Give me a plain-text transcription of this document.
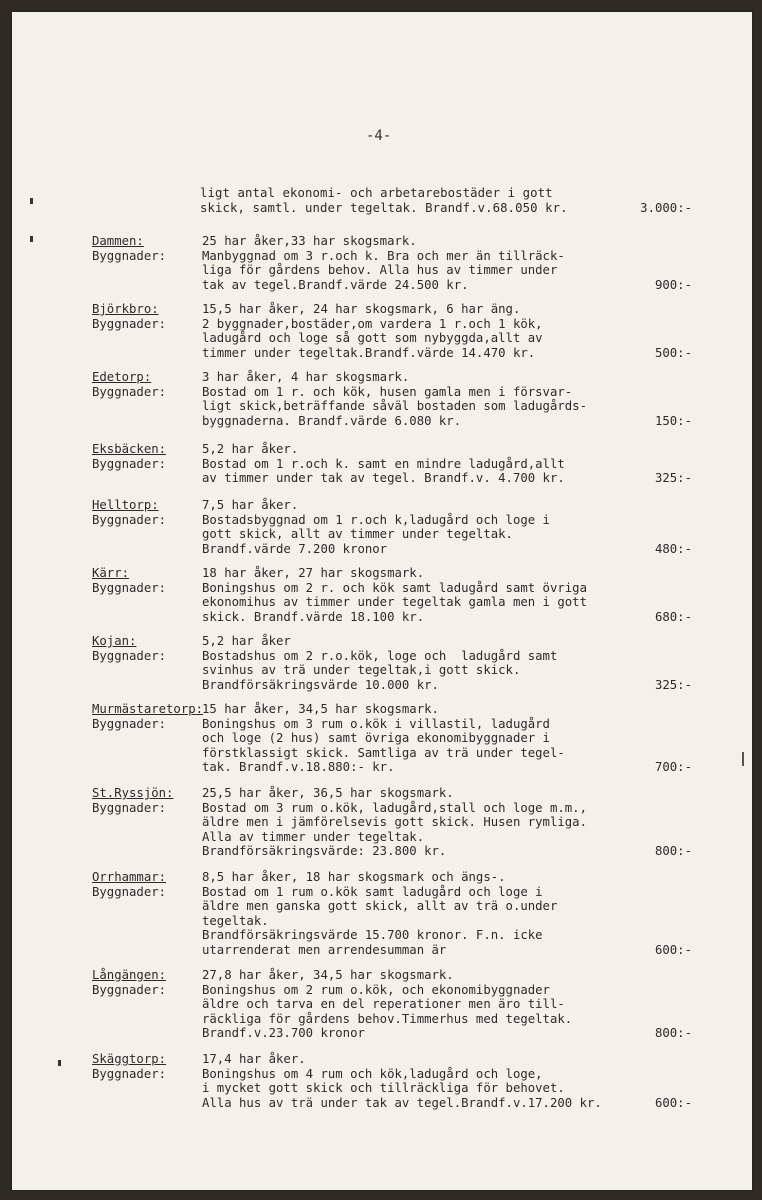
-4-
ligt antal ekonomi- och arbetarebostäder i gott
skick, samtl. under tegeltak. Brandf.v.68.050 kr.	3.000:-
Dammen:	25 har åker,33 har skogsmark.
Byggnader:	Manbyggnad om 3 r.och k. Bra och mer än tillräck-
liga för gårdens behov. Alla hus av timmer under
tak av tegel.Brandf.värde 24.500 kr.	900:-
Björkbro:	15,5 har åker, 24 har skogsmark, 6 har äng.
Byggnader:	2 byggnader,bostäder,om vardera 1 r.och 1 kök,
ladugård och loge så gott som nybyggda,allt av
timmer under tegeltak.Brandf.värde 14.470 kr.	500:-
Edetorp:	3 har åker, 4 har skogsmark.
Byggnader:	Bostad om 1 r. och kök, husen gamla men i försvar-
ligt skick,beträffande såväl bostaden som ladugårds-
byggnaderna. Brandf.värde 6.080 kr.	150:-
Eksbäcken:	5,2 har åker.
Byggnader:	Bostad om 1 r.och k. samt en mindre ladugård,allt
av timmer under tak av tegel. Brandf.v. 4.700 kr.	325:-
Helltorp:	7,5 har åker.
Byggnader:	Bostadsbyggnad om 1 r.och k,ladugård och loge i
gott skick, allt av timmer under tegeltak.
Brandf.värde 7.200 kronor	480:-
Kärr:	18 har åker, 27 har skogsmark.
Byggnader:	Boningshus om 2 r. och kök samt ladugård samt övriga
ekonomihus av timmer under tegeltak gamla men i gott
skick. Brandf.värde 18.100 kr.	680:-
Kojan:	5,2 har åker
Byggnader:	Bostadshus om 2 r.o.kök, loge och  ladugård samt
svinhus av trä under tegeltak,i gott skick.
Brandförsäkringsvärde 10.000 kr.	325:-
Murmästaretorp:
15 har åker, 34,5 har skogsmark.
Byggnader:	Boningshus om 3 rum o.kök i villastil, ladugård
och loge (2 hus) samt övriga ekonomibyggnader i
förstklassigt skick. Samtliga av trä under tegel-
tak. Brandf.v.18.880:- kr.	700:-
St.Ryssjön:	25,5 har åker, 36,5 har skogsmark.
Byggnader:	Bostad om 3 rum o.kök, ladugård,stall och loge m.m.,
äldre men i jämförelsevis gott skick. Husen rymliga.
Alla av timmer under tegeltak.
Brandförsäkringsvärde: 23.800 kr.	800:-
Orrhammar:	8,5 har åker, 18 har skogsmark och ängs-.
Byggnader:	Bostad om 1 rum o.kök samt ladugård och loge i
äldre men ganska gott skick, allt av trä o.under
tegeltak.
Brandförsäkringsvärde 15.700 kronor. F.n. icke
utarrenderat men arrendesumman är	600:-
Långängen:	27,8 har åker, 34,5 har skogsmark.
Byggnader:	Boningshus om 2 rum o.kök, och ekonomibyggnader
äldre och tarva en del reperationer men äro till-
räckliga för gårdens behov.Timmerhus med tegeltak.
Brandf.v.23.700 kronor	800:-
Skäggtorp:	17,4 har åker.
Byggnader:	Boningshus om 4 rum och kök,ladugård och loge,
i mycket gott skick och tillräckliga för behovet.
Alla hus av trä under tak av tegel.Brandf.v.17.200 kr.	600:-
